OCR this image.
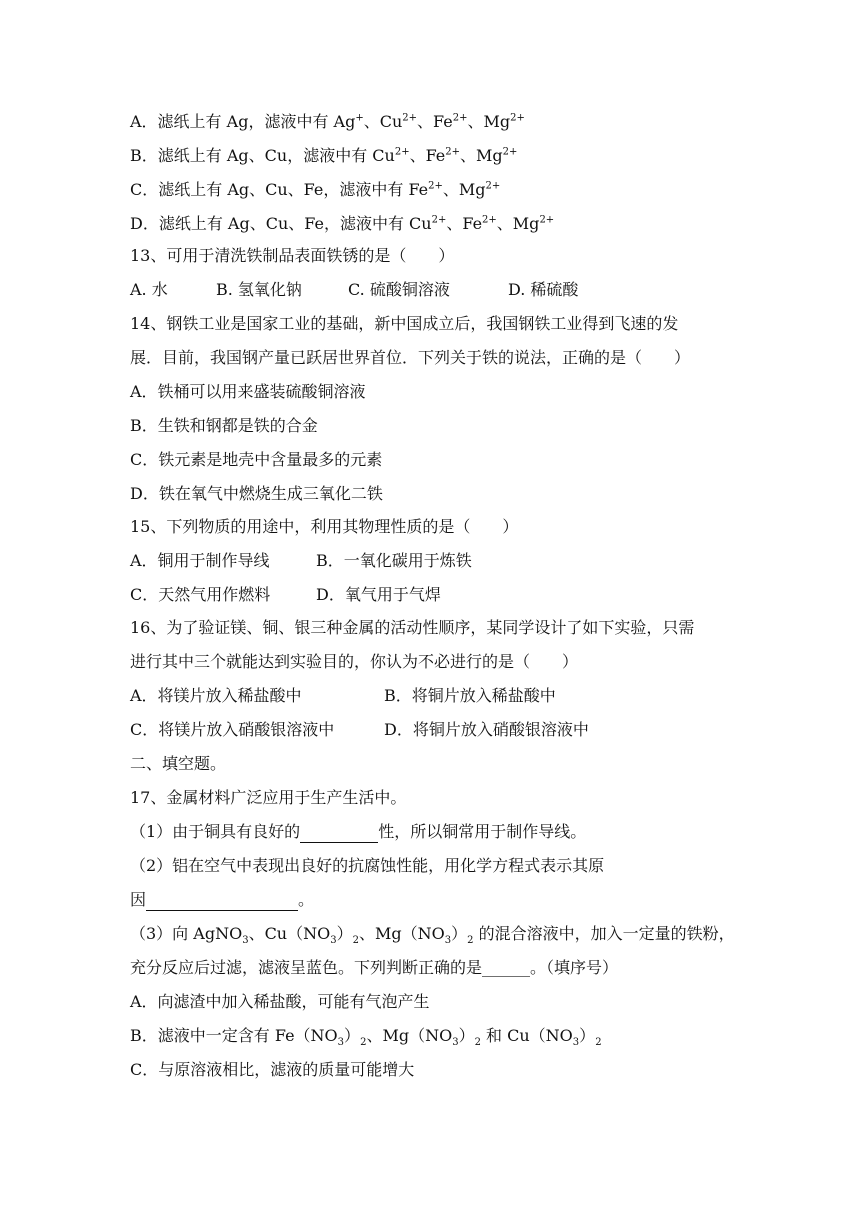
A．滤纸上有 Ag，滤液中有 Ag+、$Cu^{2+}$、$Fe^{2+}$、$Mg^{2+}$
B．滤纸上有 Ag、Cu，滤液中有 $Cu^{2+}$、$Fe^{2+}$、$Mg^{2+}$
C．滤纸上有 Ag、Cu、Fe，滤液中有 $Fe^{2+}$、$Mg^{2+}$
D．滤纸上有 Ag、Cu、Fe，滤液中有 $Cu^{2+}$、$Fe^{2+}$、$Mg^{2+}$
13、可用于清洗铁制品表面铁锈的是（　　）
A. 水	B. 氢氧化钠	C. 硫酸铜溶液	D. 稀硫酸
14、钢铁工业是国家工业的基础，新中国成立后，我国钢铁工业得到飞速的发
展．目前，我国钢产量已跃居世界首位．下列关于铁的说法，正确的是（　　）
A．铁桶可以用来盛装硫酸铜溶液
B．生铁和钢都是铁的合金
C．铁元素是地壳中含量最多的元素
D．铁在氧气中燃烧生成三氧化二铁
15、下列物质的用途中，利用其物理性质的是（　　）
A．铜用于制作导线	B．一氧化碳用于炼铁
C．天然气用作燃料	D．氧气用于气焊
16、为了验证镁、铜、银三种金属的活动性顺序，某同学设计了如下实验，只需
进行其中三个就能达到实验目的，你认为不必进行的是（　　）
A．将镁片放入稀盐酸中	B．将铜片放入稀盐酸中
C．将镁片放入硝酸银溶液中	D．将铜片放入硝酸银溶液中
二、填空题。
17、金属材料广泛应用于生产生活中。
（1）由于铜具有良好的	性，所以铜常用于制作导线。
（2）铝在空气中表现出良好的抗腐蚀性能，用化学方程式表示其原
因	。
（3）向 AgNO$_3$、$Cu(NO_3)_2$、$Mg(NO_3)_2$ 的混合溶液中，加入一定量的铁粉，
充分反应后过滤，滤液呈蓝色。下列判断正确的是______。（填序号）
A．向滤渣中加入稀盐酸，可能有气泡产生
B．滤液中一定含有 $Fe(NO_3)_2$、$Mg(NO_3)_2$ 和 $Cu(NO_3)_2$
C．与原溶液相比，滤液的质量可能增大
